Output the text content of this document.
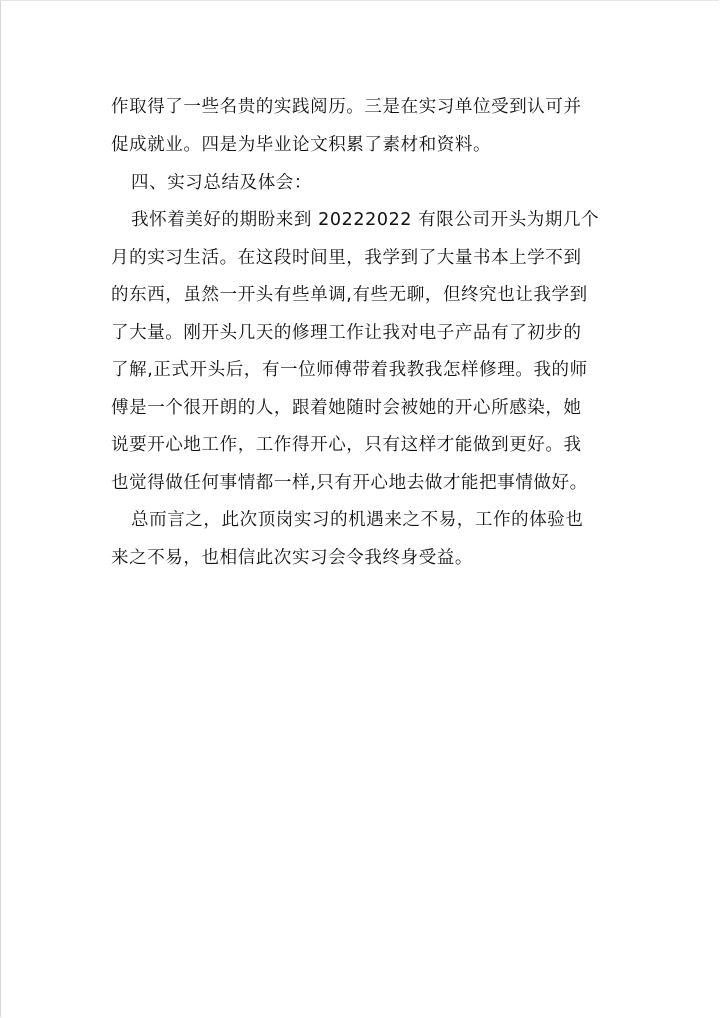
作取得了一些名贵的实践阅历。三是在实习单位受到认可并
促成就业。四是为毕业论文积累了素材和资料。
四、实习总结及体会：
我怀着美好的期盼来到 20222022 有限公司开头为期几个
月的实习生活。在这段时间里，我学到了大量书本上学不到
的东西，虽然一开头有些单调,有些无聊，但终究也让我学到
了大量。刚开头几天的修理工作让我对电子产品有了初步的
了解,正式开头后，有一位师傅带着我教我怎样修理。我的师
傅是一个很开朗的人，跟着她随时会被她的开心所感染，她
说要开心地工作，工作得开心，只有这样才能做到更好。我
也觉得做任何事情都一样,只有开心地去做才能把事情做好。
总而言之，此次顶岗实习的机遇来之不易，工作的体验也
来之不易，也相信此次实习会令我终身受益。
